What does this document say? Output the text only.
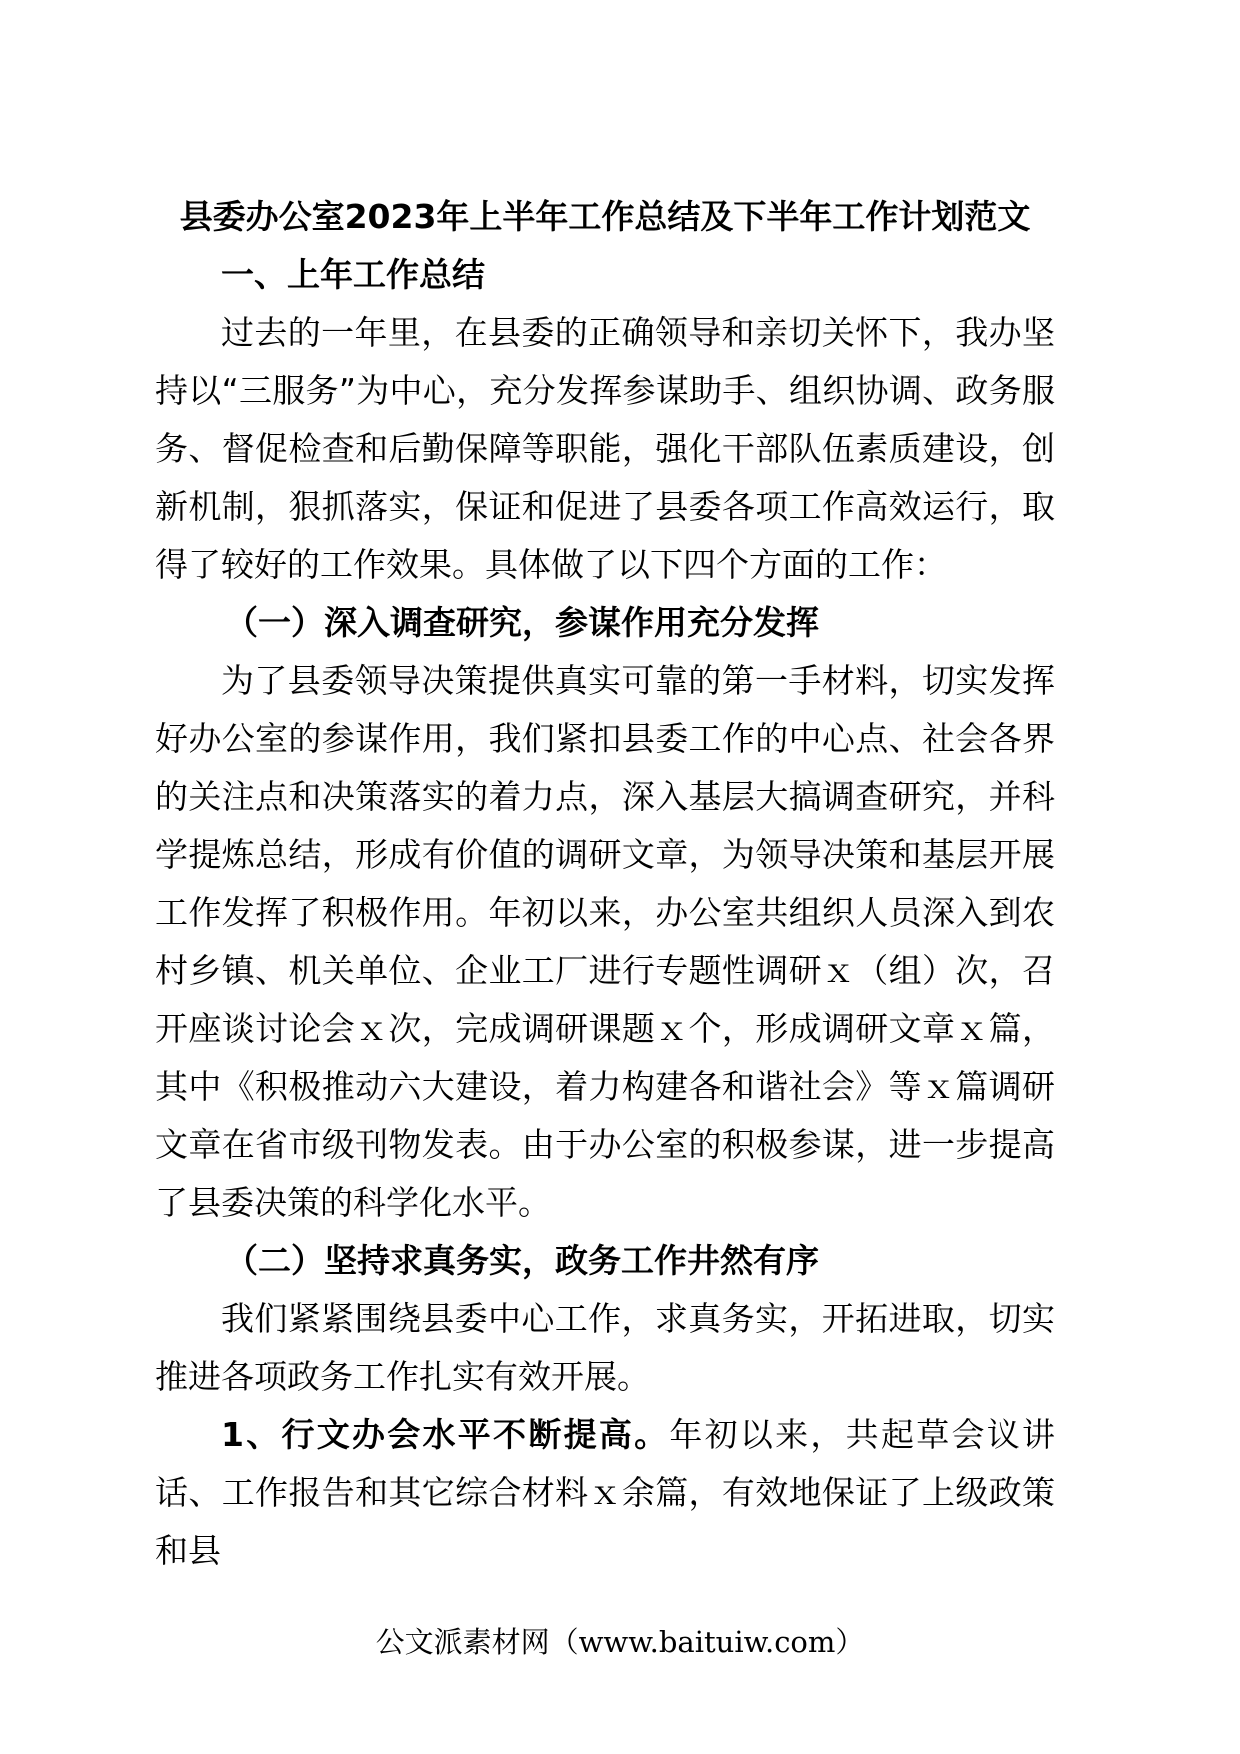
县委办公室2023年上半年工作总结及下半年工作计划范文

一、上年工作总结

过去的一年里，在县委的正确领导和亲切关怀下，我办坚持以“三服务”为中心，充分发挥参谋助手、组织协调、政务服务、督促检查和后勤保障等职能，强化干部队伍素质建设，创新机制，狠抓落实，保证和促进了县委各项工作高效运行，取得了较好的工作效果。具体做了以下四个方面的工作：

（一）深入调查研究，参谋作用充分发挥

为了县委领导决策提供真实可靠的第一手材料，切实发挥好办公室的参谋作用，我们紧扣县委工作的中心点、社会各界的关注点和决策落实的着力点，深入基层大搞调查研究，并科学提炼总结，形成有价值的调研文章，为领导决策和基层开展工作发挥了积极作用。年初以来，办公室共组织人员深入到农村乡镇、机关单位、企业工厂进行专题性调研ｘ（组）次，召开座谈讨论会ｘ次，完成调研课题ｘ个，形成调研文章ｘ篇，其中《积极推动六大建设，着力构建各和谐社会》等ｘ篇调研文章在省市级刊物发表。由于办公室的积极参谋，进一步提高了县委决策的科学化水平。

（二）坚持求真务实，政务工作井然有序

我们紧紧围绕县委中心工作，求真务实，开拓进取，切实推进各项政务工作扎实有效开展。

1、行文办会水平不断提高。年初以来，共起草会议讲话、工作报告和其它综合材料ｘ余篇，有效地保证了上级政策和县

公文派素材网（www.baituiw.com）
